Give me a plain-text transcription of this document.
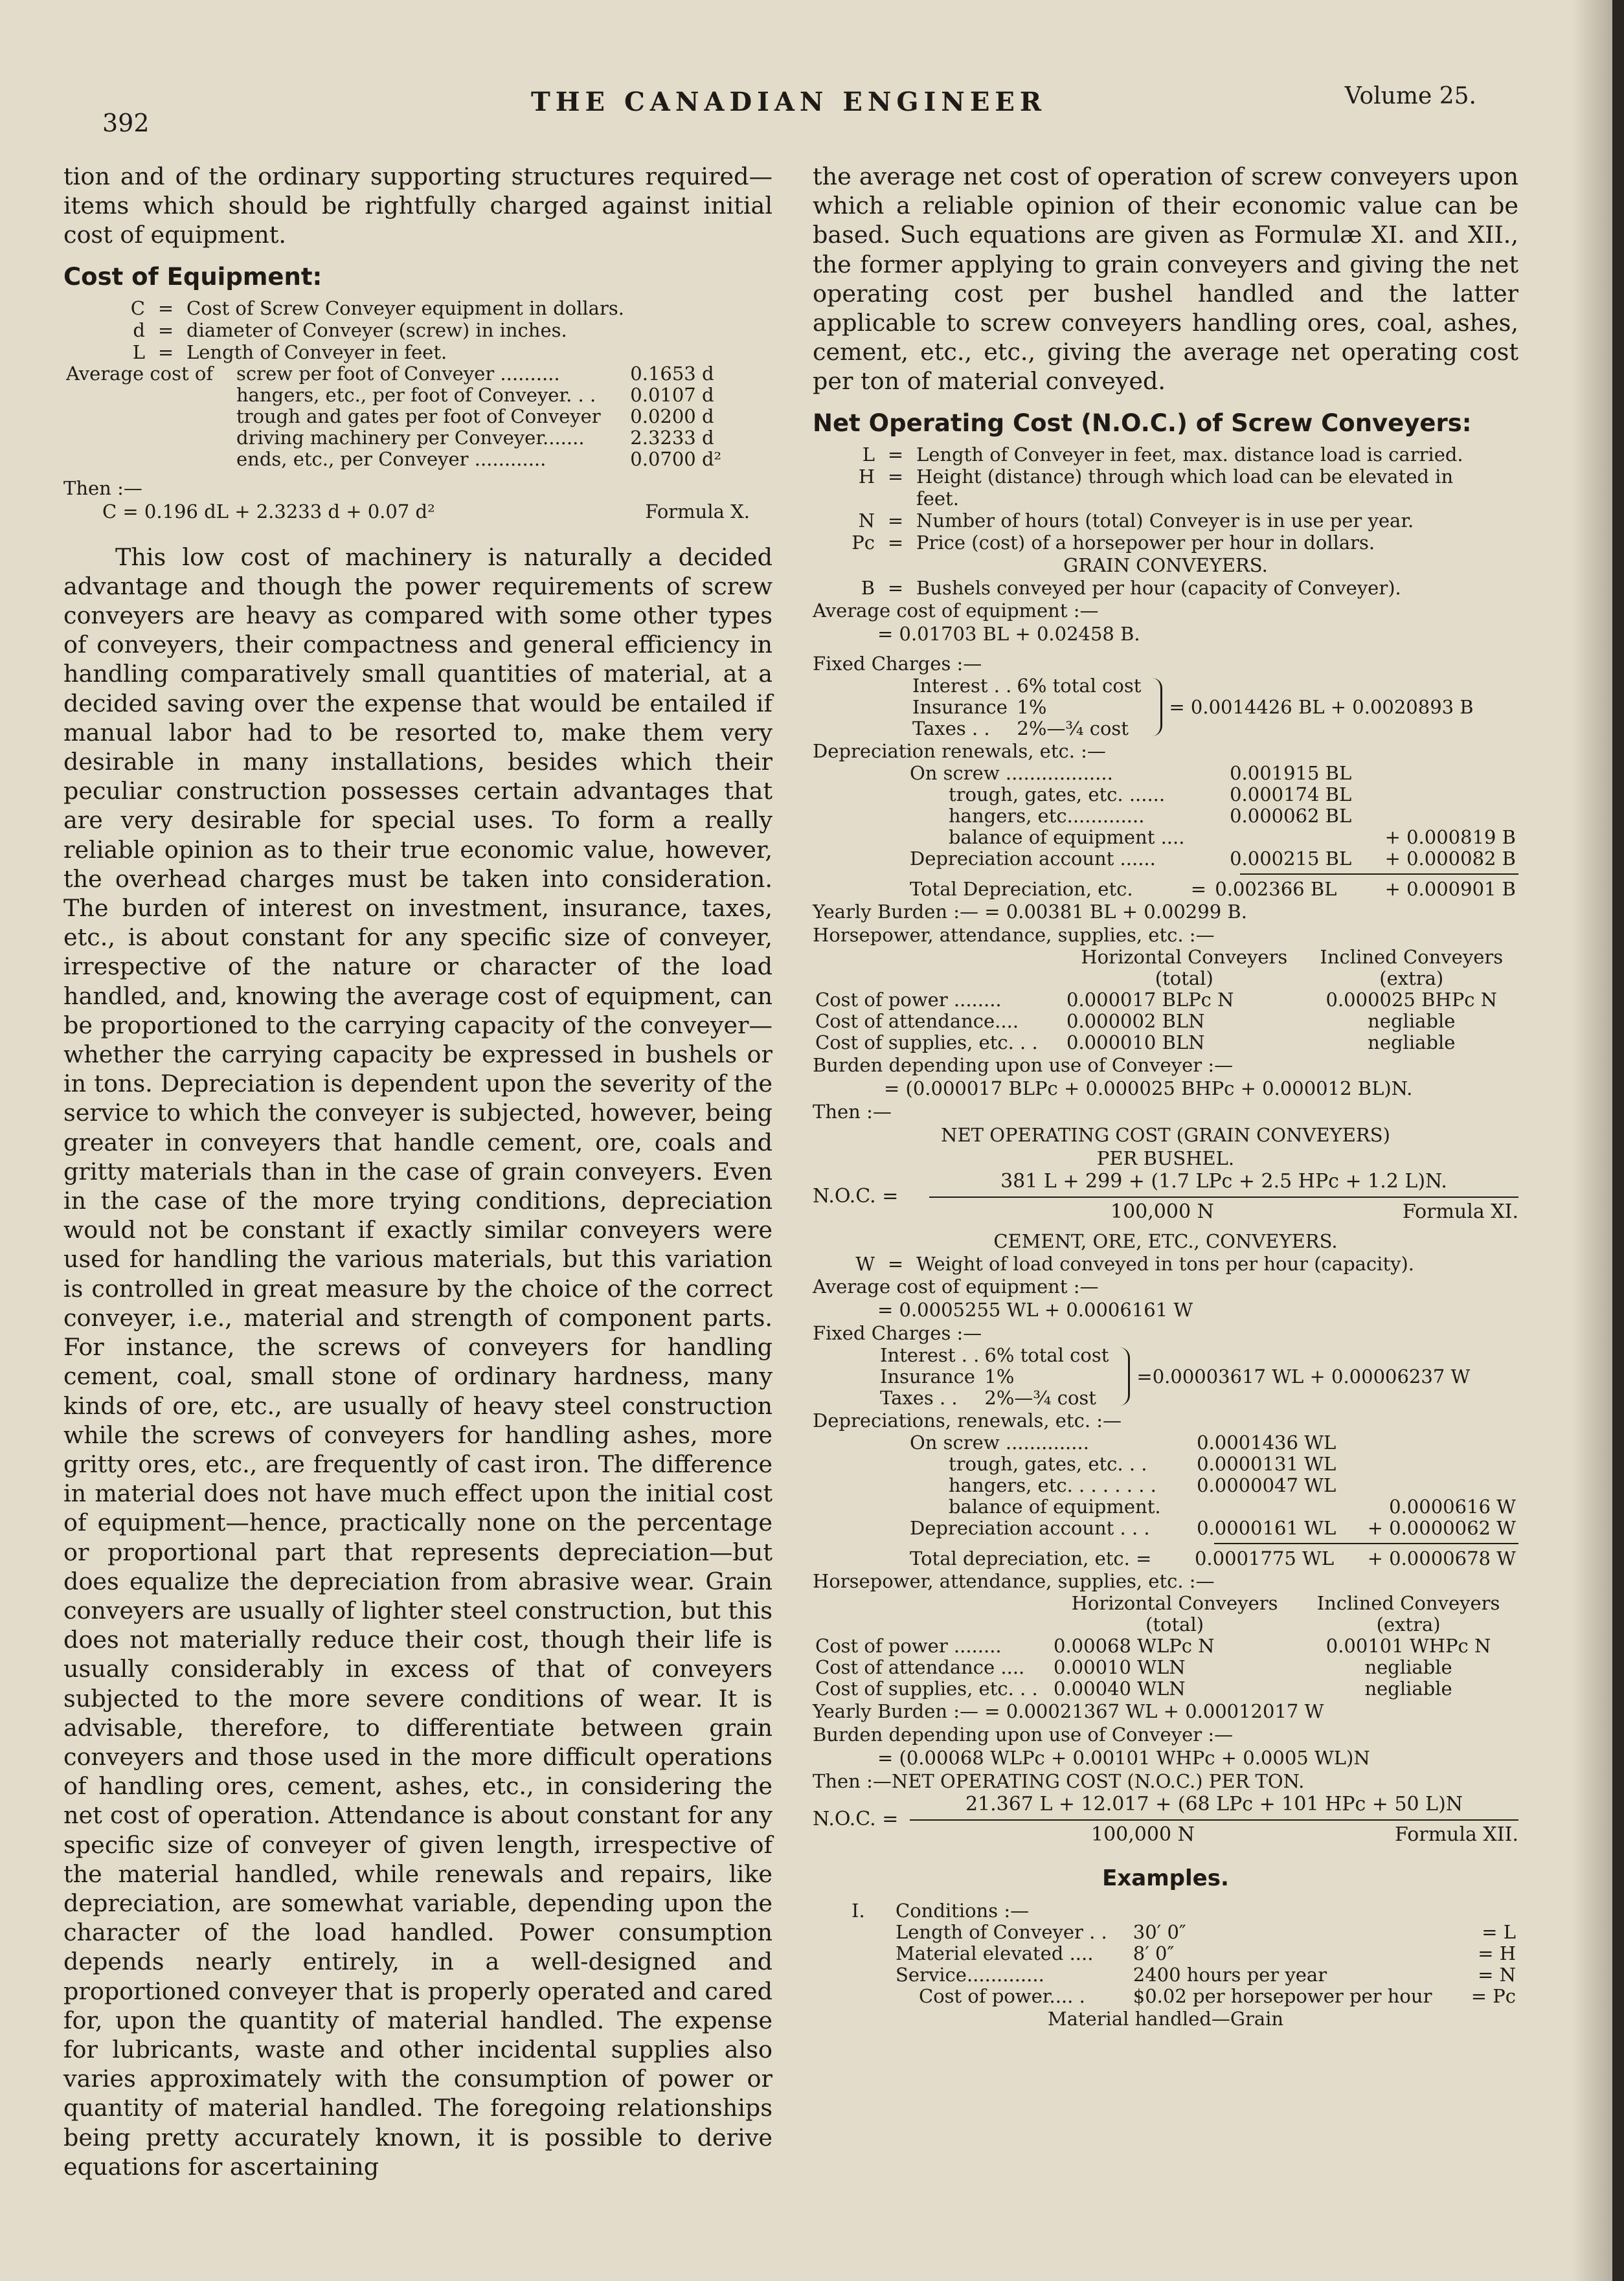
392
THE CANADIAN ENGINEER	Volume 25.

tion and of the ordinary supporting structures required—items which should be rightfully charged against initial cost of equipment.

Cost of Equipment:
C	=	Cost of Screw Conveyer equipment in dollars.
d	=	diameter of Conveyer (screw) in inches.
L	=	Length of Conveyer in feet.
Average cost of	screw per foot of Conveyer ..........	0.1653 d
	hangers, etc., per foot of Conveyer. . .	0.0107 d
	trough and gates per foot of Conveyer	0.0200 d
	driving machinery per Conveyer.......	2.3233 d
	ends, etc., per Conveyer ............	0.0700 d²
Then :—
C = 0.196 dL + 2.3233 d + 0.07 d²	Formula X.

This low cost of machinery is naturally a decided advantage and though the power requirements of screw conveyers are heavy as compared with some other types of conveyers, their compactness and general efficiency in handling comparatively small quantities of material, at a decided saving over the expense that would be entailed if manual labor had to be resorted to, make them very desirable in many installations, besides which their peculiar construction possesses certain advantages that are very desirable for special uses. To form a really reliable opinion as to their true economic value, however, the overhead charges must be taken into consideration. The burden of interest on investment, insurance, taxes, etc., is about constant for any specific size of conveyer, irrespective of the nature or character of the load handled, and, knowing the average cost of equipment, can be proportioned to the carrying capacity of the conveyer—whether the carrying capacity be expressed in bushels or in tons. Depreciation is dependent upon the severity of the service to which the conveyer is subjected, however, being greater in conveyers that handle cement, ore, coals and gritty materials than in the case of grain conveyers. Even in the case of the more trying conditions, depreciation would not be constant if exactly similar conveyers were used for handling the various materials, but this variation is controlled in great measure by the choice of the correct conveyer, i.e., material and strength of component parts. For instance, the screws of conveyers for handling cement, coal, small stone of ordinary hardness, many kinds of ore, etc., are usually of heavy steel construction while the screws of conveyers for handling ashes, more gritty ores, etc., are frequently of cast iron. The difference in material does not have much effect upon the initial cost of equipment—hence, practically none on the percentage or proportional part that represents depreciation—but does equalize the depreciation from abrasive wear. Grain conveyers are usually of lighter steel construction, but this does not materially reduce their cost, though their life is usually considerably in excess of that of conveyers subjected to the more severe conditions of wear. It is advisable, therefore, to differentiate between grain conveyers and those used in the more difficult operations of handling ores, cement, ashes, etc., in considering the net cost of operation. Attendance is about constant for any specific size of conveyer of given length, irrespective of the material handled, while renewals and repairs, like depreciation, are somewhat variable, depending upon the character of the load handled. Power consumption depends nearly entirely, in a well-designed and proportioned conveyer that is properly operated and cared for, upon the quantity of material handled. The expense for lubricants, waste and other incidental supplies also varies approximately with the consumption of power or quantity of material handled. The foregoing relationships being pretty accurately known, it is possible to derive equations for ascertaining

the average net cost of operation of screw conveyers upon which a reliable opinion of their economic value can be based. Such equations are given as Formulæ XI. and XII., the former applying to grain conveyers and giving the net operating cost per bushel handled and the latter applicable to screw conveyers handling ores, coal, ashes, cement, etc., etc., giving the average net operating cost per ton of material conveyed.

Net Operating Cost (N.O.C.) of Screw Conveyers:
L	=	Length of Conveyer in feet, max. distance load is carried.
H	=	Height (distance) through which load can be elevated in feet.
N	=	Number of hours (total) Conveyer is in use per year.
Pc	=	Price (cost) of a horsepower per hour in dollars.
GRAIN CONVEYERS.
B	=	Bushels conveyed per hour (capacity of Conveyer).
Average cost of equipment :—
= 0.01703 BL + 0.02458 B.
Fixed Charges :—
Interest . .	6% total cost
Insurance	1%
Taxes . .	2%—¾ cost
= 0.0014426 BL + 0.0020893 B
Depreciation renewals, etc. :—
On screw ..................	0.001915 BL	
trough, gates, etc. ......	0.000174 BL	
hangers, etc.............	0.000062 BL	
balance of equipment ....		+ 0.000819 B
Depreciation account ......	0.000215 BL	+ 0.000082 B
Total Depreciation, etc.	=	0.002366 BL	+ 0.000901 B
Yearly Burden :— = 0.00381 BL + 0.00299 B.
Horsepower, attendance, supplies, etc. :—
	Horizontal Conveyers	Inclined Conveyers
	(total)	(extra)
Cost of power ........	0.000017 BLPc N	0.000025 BHPc N
Cost of attendance....	0.000002 BLN	negliable
Cost of supplies, etc. . .	0.000010 BLN	negliable
Burden depending upon use of Conveyer :—
= (0.000017 BLPc + 0.000025 BHPc + 0.000012 BL)N.
Then :—
NET OPERATING COST (GRAIN CONVEYERS)
PER BUSHEL.
N.O.C. =	381 L + 299 + (1.7 LPc + 2.5 HPc + 1.2 L)N.
100,000 N	Formula XI.
CEMENT, ORE, ETC., CONVEYERS.
W	=	Weight of load conveyed in tons per hour (capacity).
Average cost of equipment :—
= 0.0005255 WL + 0.0006161 W
Fixed Charges :—
Interest . .	6% total cost
Insurance	1%
Taxes . .	2%—¾ cost
=0.00003617 WL + 0.00006237 W
Depreciations, renewals, etc. :—
On screw ..............	0.0001436 WL	
trough, gates, etc. . .	0.0000131 WL	
hangers, etc. . . . . . . .	0.0000047 WL	
balance of equipment.		0.0000616 W
Depreciation account . . .	0.0000161 WL	+ 0.0000062 W
Total depreciation, etc. =		0.0001775 WL	+ 0.0000678 W
Horsepower, attendance, supplies, etc. :—
	Horizontal Conveyers	Inclined Conveyers
	(total)	(extra)
Cost of power ........	0.00068 WLPc N	0.00101 WHPc N
Cost of attendance ....	0.00010 WLN	negliable
Cost of supplies, etc. . .	0.00040 WLN	negliable
Yearly Burden :— = 0.00021367 WL + 0.00012017 W
Burden depending upon use of Conveyer :—
= (0.00068 WLPc + 0.00101 WHPc + 0.0005 WL)N
Then :—NET OPERATING COST (N.O.C.) PER TON.
N.O.C. = 21.367 L + 12.017 + (68 LPc + 101 HPc + 50 L)N
100,000 N	Formula XII.
Examples.
I.	Conditions :—		
	Length of Conveyer . .	30′ 0″	= L
	Material elevated ....	8′ 0″	= H
	Service.............	2400 hours per year	= N
	Cost of power.... .	$0.02 per horsepower per hour	= Pc
Material handled—Grain
